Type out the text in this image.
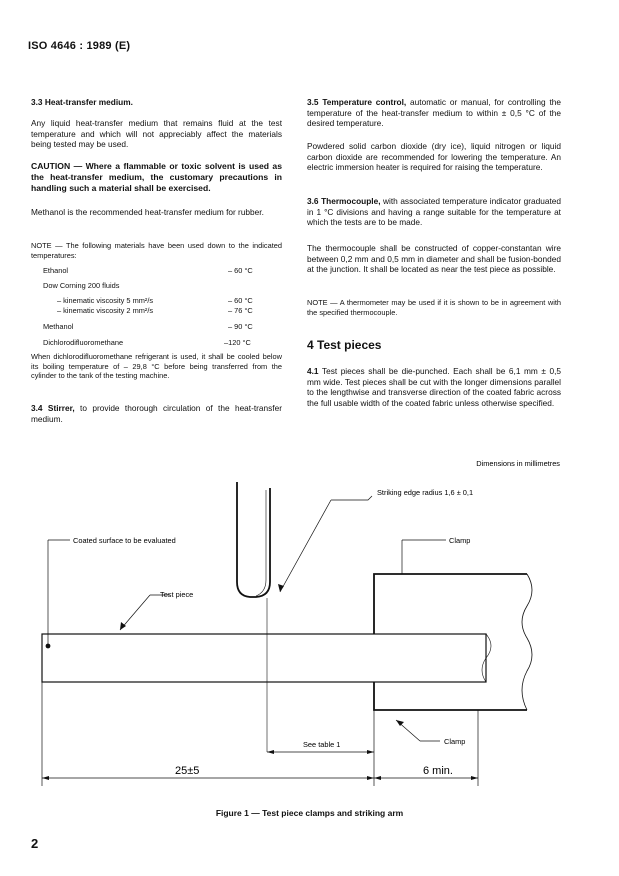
ISO 4646 : 1989 (E)

3.3 Heat-transfer medium.

Any liquid heat-transfer medium that remains fluid at the test temperature and which will not appreciably affect the materials being tested may be used.

CAUTION — Where a flammable or toxic solvent is used as the heat-transfer medium, the customary precautions in handling such a material shall be exercised.

Methanol is the recommended heat-transfer medium for rubber.

NOTE — The following materials have been used down to the indicated temperatures:

Ethanol	– 60 °C
Dow Corning 200 fluids
– kinematic viscosity 5 mm²/s	– 60 °C
– kinematic viscosity 2 mm²/s	– 76 °C
Methanol	– 90 °C
Dichlorodifluoromethane	–120 °C

When dichlorodifluoromethane refrigerant is used, it shall be cooled below its boiling temperature of – 29,8 °C before being transferred from the cylinder to the tank of the testing machine.

3.4 Stirrer, to provide thorough circulation of the heat-transfer medium.

3.5 Temperature control, automatic or manual, for controlling the temperature of the heat-transfer medium to within ± 0,5 °C of the desired temperature.

Powdered solid carbon dioxide (dry ice), liquid nitrogen or liquid carbon dioxide are recommended for lowering the temperature. An electric immersion heater is required for raising the temperature.

3.6 Thermocouple, with associated temperature indicator graduated in 1 °C divisions and having a range suitable for the temperature at which the tests are to be made.

The thermocouple shall be constructed of copper-constantan wire between 0,2 mm and 0,5 mm in diameter and shall be fusion-bonded at the junction. It shall be located as near the test piece as possible.

NOTE — A thermometer may be used if it is shown to be in agreement with the specified thermocouple.

4 Test pieces

4.1 Test pieces shall be die-punched. Each shall be 6,1 mm ± 0,5 mm wide. Test pieces shall be cut with the longer dimensions parallel to the lengthwise and transverse direction of the coated fabric across the full usable width of the coated fabric unless otherwise specified.

Dimensions in millimetres
Striking edge radius 1,6 ± 0,1
Coated surface to be evaluated	Clamp
Test piece
See table 1	Clamp
25±5	6 min.
Figure 1 — Test piece clamps and striking arm
2
